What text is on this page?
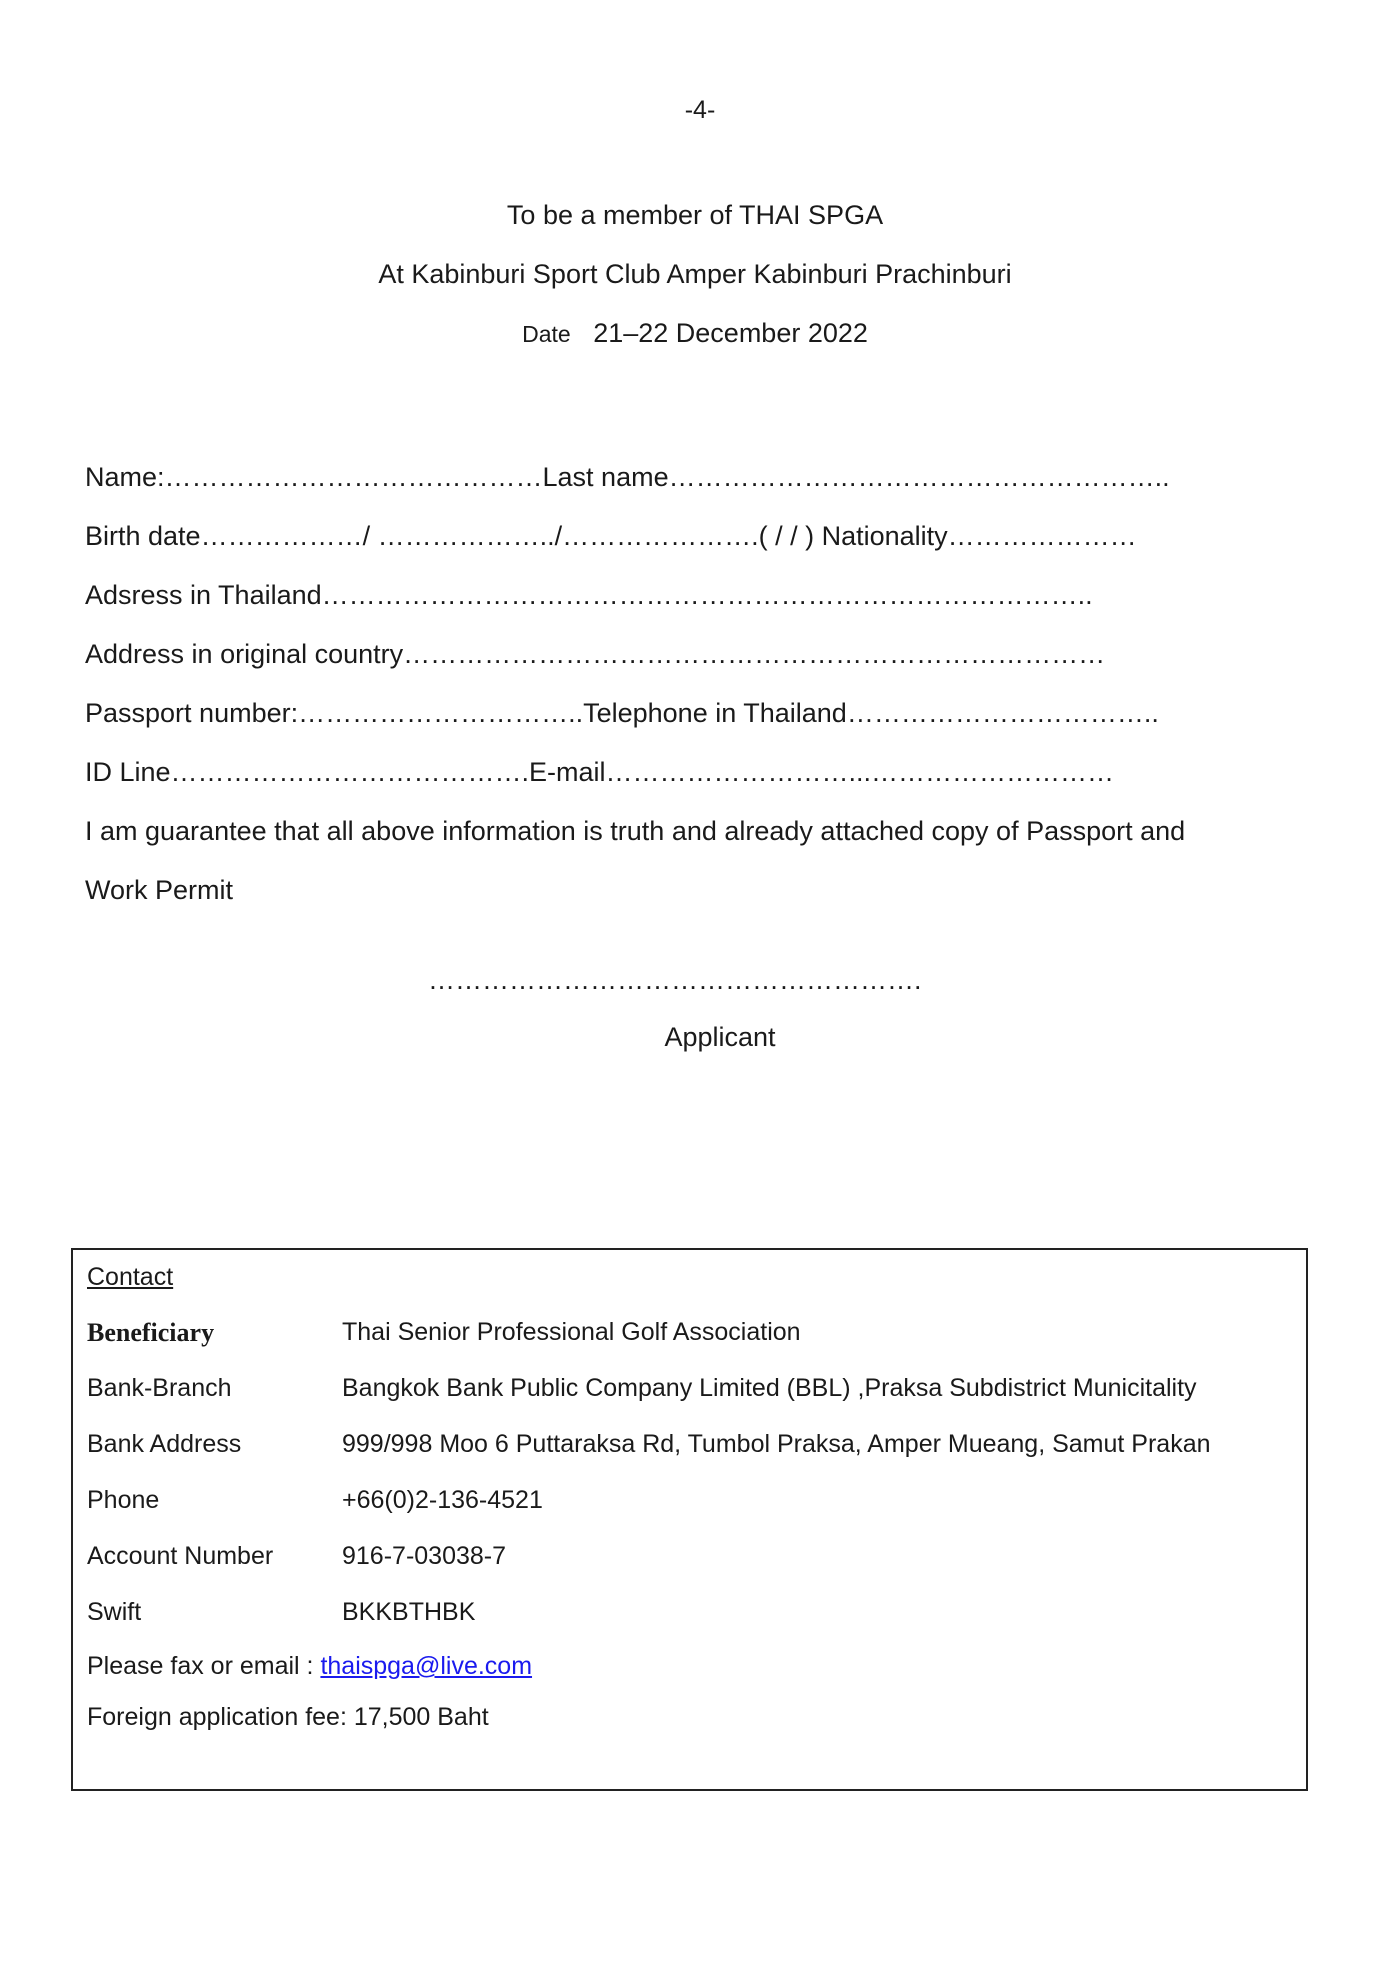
-4-
To be a member of THAI SPGA
At Kabinburi Sport Club Amper Kabinburi Prachinburi
Date 21–22 December 2022
Name:……………………………………Last name………………………………………………..
Birth date………………/ ………………../………………….( / / ) Nationality…………………
Adsress in Thailand…………………………………………………………………………..
Address in original country……………………………………………………………………
Passport number:…………………………..Telephone in Thailand……………………………..
ID Line………………………………….E-mail………………………...………………………
I am guarantee that all above information is truth and already attached copy of Passport and
Work Permit
……………………………………………….
Applicant
Contact
Beneficiary	Thai Senior Professional Golf Association
Bank-Branch	Bangkok Bank Public Company Limited (BBL) ,Praksa Subdistrict Municitality
Bank Address	999/998 Moo 6 Puttaraksa Rd, Tumbol Praksa, Amper Mueang, Samut Prakan
Phone	+66(0)2-136-4521
Account Number	916-7-03038-7
Swift	BKKBTHBK
Please fax or email : thaispga@live.com
Foreign application fee: 17,500 Baht
